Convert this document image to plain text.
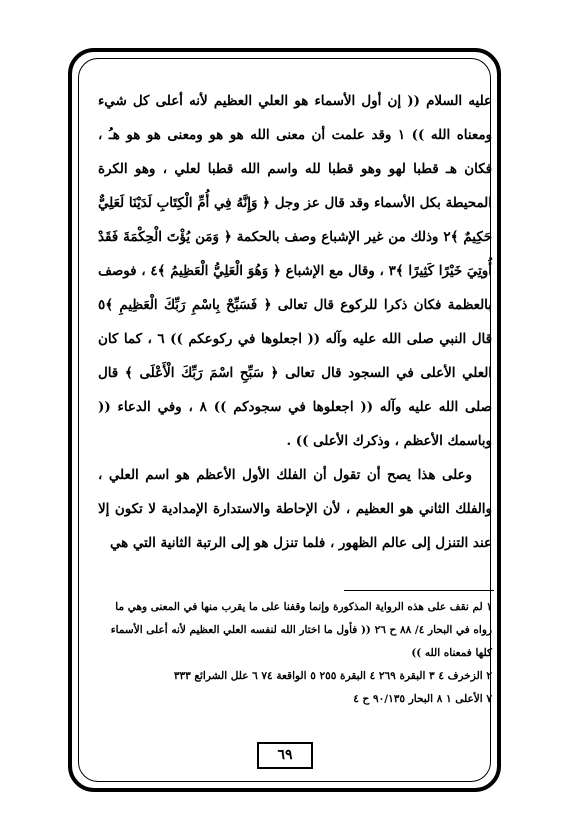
عليه السلام (( إن أول الأسماء هو العلي العظيم لأنه أعلى كل شيء ومعناه الله )) ١ وقد علمت أن معنى الله هو هو ومعنى هو هو هـُ ، فكان هـ قطبا لهو وهو قطبا لله واسم الله قطبا لعلي ، وهو الكرة المحيطة بكل الأسماء وقد قال عز وجل ﴿ وَإِنَّهُ فِي أُمِّ الْكِتَابِ لَدَيْنَا لَعَلِيٌّ حَكِيمٌ ﴾٢ وذلك من غير الإشباع وصف بالحكمة ﴿ وَمَن يُؤْتَ الْحِكْمَةَ فَقَدْ أُوتِيَ خَيْرًا كَثِيرًا ﴾٣ ، وقال مع الإشباع ﴿ وَهُوَ الْعَلِيُّ الْعَظِيمُ ﴾٤ ، فوصف بالعظمة فكان ذكرا للركوع قال تعالى ﴿ فَسَبِّحْ بِاسْمِ رَبِّكَ الْعَظِيمِ ﴾٥ قال النبي صلى الله عليه وآله (( اجعلوها في ركوعكم )) ٦ ، كما كان العلي الأعلى في السجود قال تعالى ﴿ سَبِّحِ اسْمَ رَبِّكَ الْأَعْلَى ﴾ قال صلى الله عليه وآله (( اجعلوها في سجودكم )) ٨ ، وفي الدعاء (( وباسمك الأعظم ، وذكرك الأعلى )) .

وعلى هذا يصح أن تقول أن الفلك الأول الأعظم هو اسم العلي ، والفلك الثاني هو العظيم ، لأن الإحاطة والاستدارة الإمدادية لا تكون إلا عند التنزل إلى عالم الظهور ، فلما تنزل هو إلى الرتبة الثانية التي هي

١ لم نقف على هذه الرواية المذكورة وإنما وقفنا على ما يقرب منها في المعنى وهي ما رواه في البحار ٤/ ٨٨ ح ٢٦ (( فأول ما اختار الله لنفسه العلي العظيم لأنه أعلى الأسماء كلها فمعناه الله ))

٢ الزخرف ٤ ٣ البقرة ٢٦٩ ٤ البقرة ٢٥٥ ٥ الواقعة ٧٤ ٦ علل الشرائع ٣٣٣

٧ الأعلى ١ ٨ البحار ٩٠/١٣٥ ح ٤

٦٩
